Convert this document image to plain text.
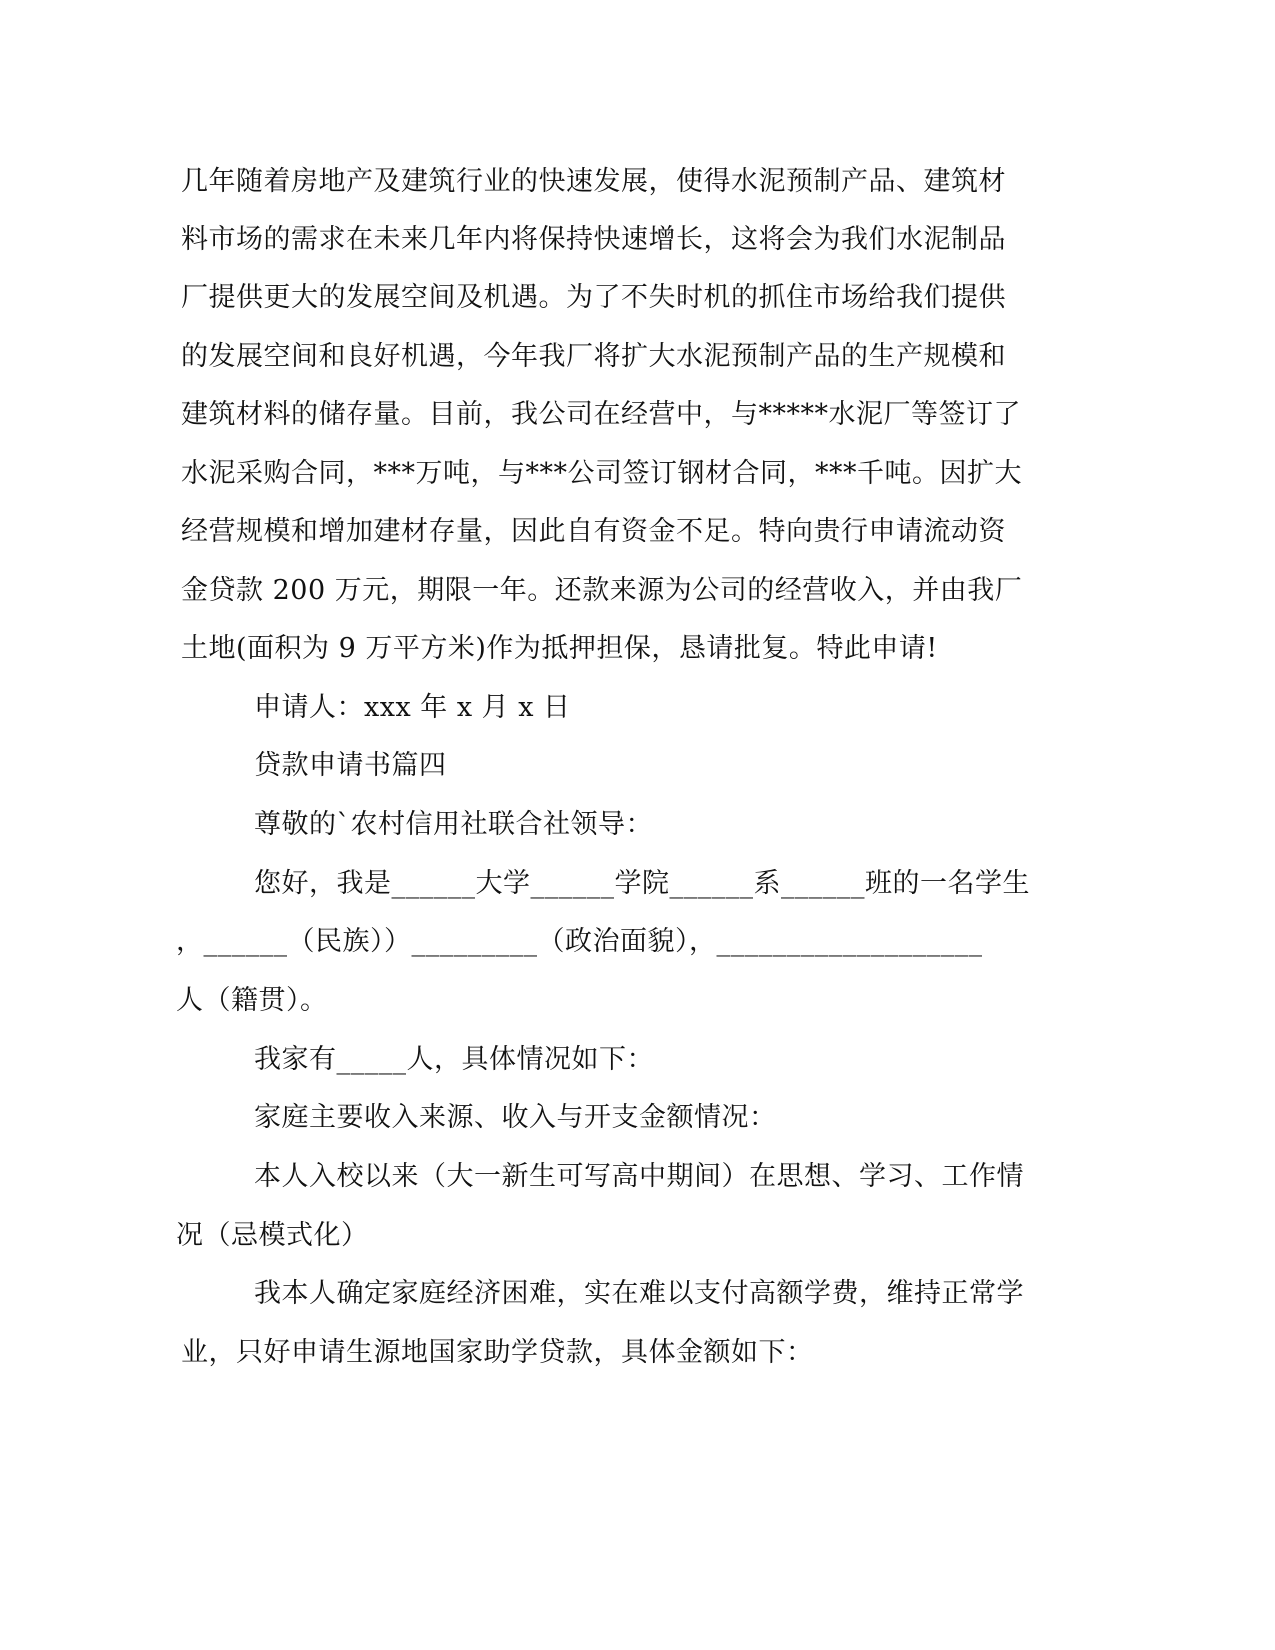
几年随着房地产及建筑行业的快速发展，使得水泥预制产品、建筑材
料市场的需求在未来几年内将保持快速增长，这将会为我们水泥制品
厂提供更大的发展空间及机遇。为了不失时机的抓住市场给我们提供
的发展空间和良好机遇，今年我厂将扩大水泥预制产品的生产规模和
建筑材料的储存量。目前，我公司在经营中，与*****水泥厂等签订了
水泥采购合同，***万吨，与***公司签订钢材合同，***千吨。因扩大
经营规模和增加建材存量，因此自有资金不足。特向贵行申请流动资
金贷款 200 万元，期限一年。还款来源为公司的经营收入，并由我厂
土地(面积为 9 万平方米)作为抵押担保，恳请批复。特此申请!
申请人：xxx 年 x 月 x 日
贷款申请书篇四
尊敬的`农村信用社联合社领导：
您好，我是______大学______学院______系______班的一名学生
，______（民族））_________（政治面貌），___________________
人（籍贯）。
我家有_____人，具体情况如下：
家庭主要收入来源、收入与开支金额情况：
本人入校以来（大一新生可写高中期间）在思想、学习、工作情
况（忌模式化）
我本人确定家庭经济困难，实在难以支付高额学费，维持正常学
业，只好申请生源地国家助学贷款，具体金额如下：
